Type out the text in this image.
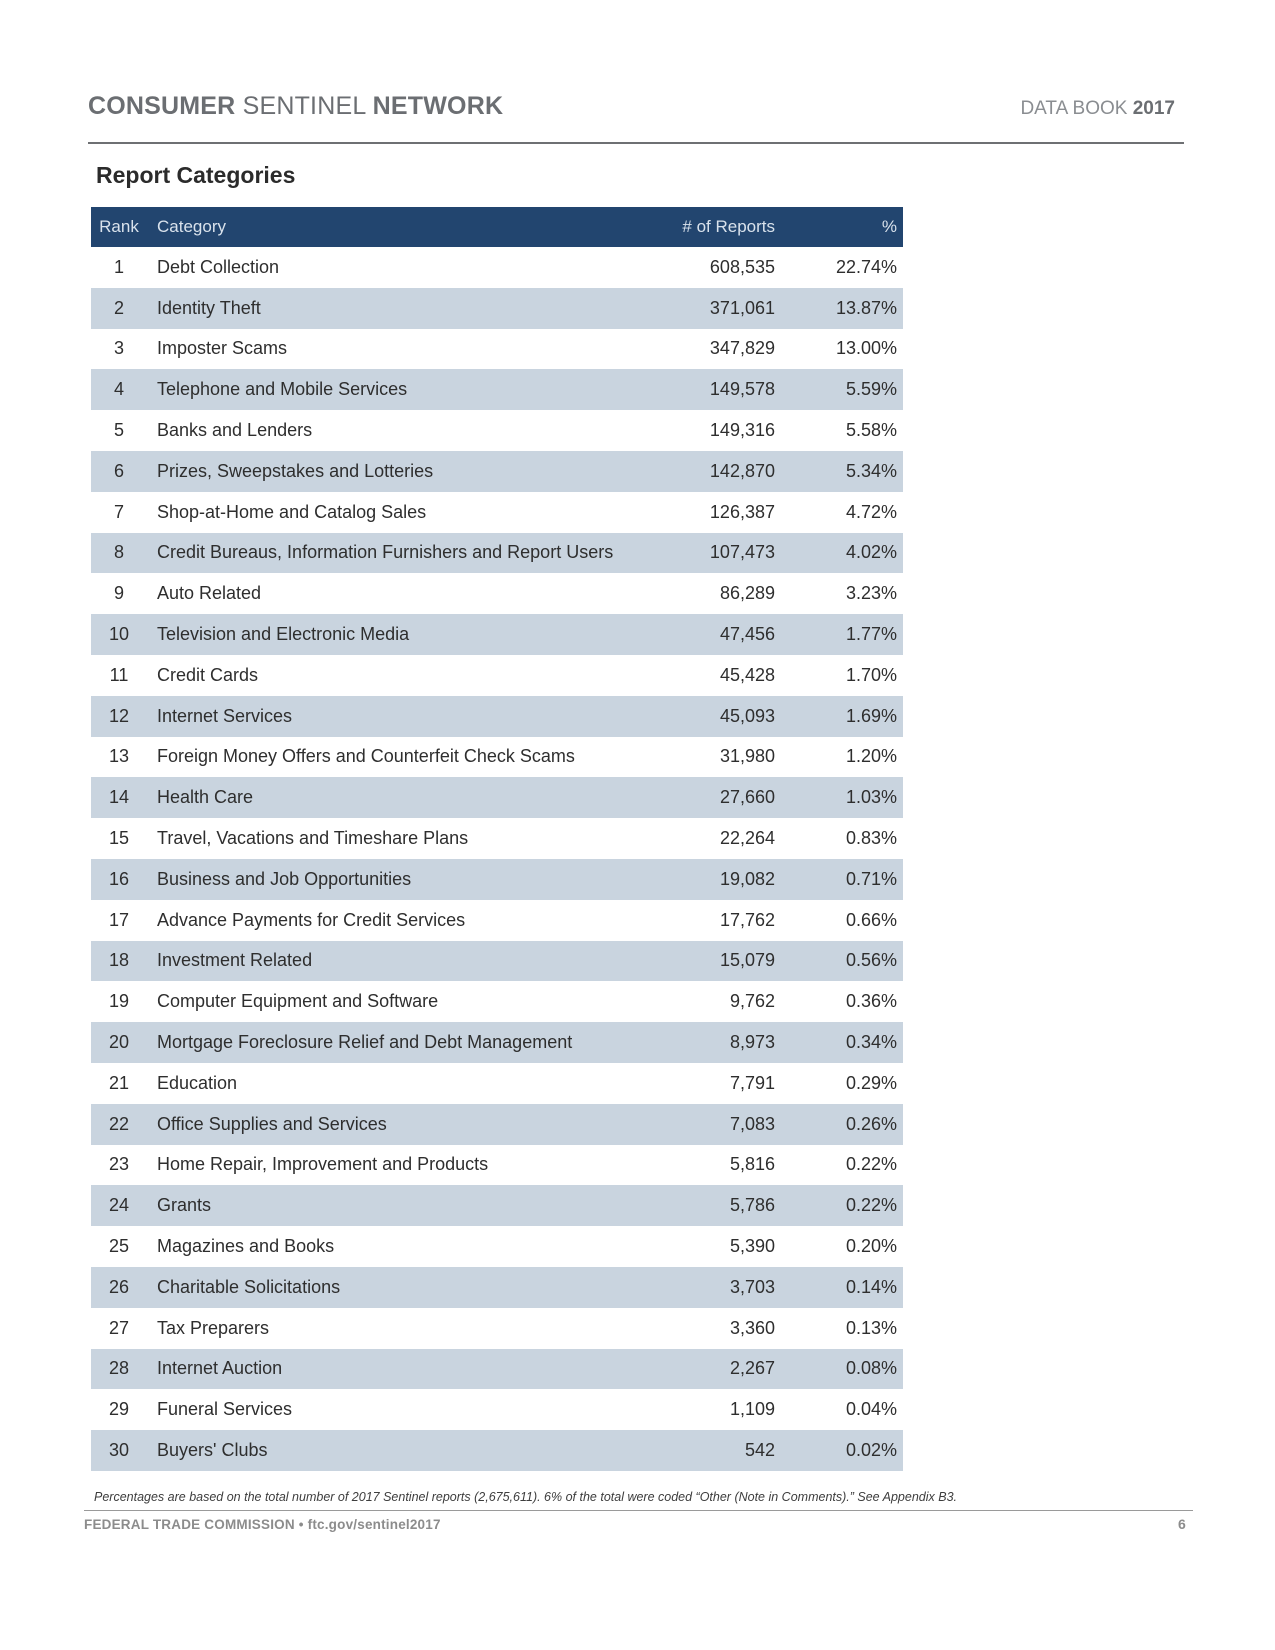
CONSUMER SENTINEL NETWORK	DATA BOOK 2017
Report Categories
Rank	Category	# of Reports	%
1	Debt Collection	608,535	22.74%
2	Identity Theft	371,061	13.87%
3	Imposter Scams	347,829	13.00%
4	Telephone and Mobile Services	149,578	5.59%
5	Banks and Lenders	149,316	5.58%
6	Prizes, Sweepstakes and Lotteries	142,870	5.34%
7	Shop-at-Home and Catalog Sales	126,387	4.72%
8	Credit Bureaus, Information Furnishers and Report Users	107,473	4.02%
9	Auto Related	86,289	3.23%
10	Television and Electronic Media	47,456	1.77%
11	Credit Cards	45,428	1.70%
12	Internet Services	45,093	1.69%
13	Foreign Money Offers and Counterfeit Check Scams	31,980	1.20%
14	Health Care	27,660	1.03%
15	Travel, Vacations and Timeshare Plans	22,264	0.83%
16	Business and Job Opportunities	19,082	0.71%
17	Advance Payments for Credit Services	17,762	0.66%
18	Investment Related	15,079	0.56%
19	Computer Equipment and Software	9,762	0.36%
20	Mortgage Foreclosure Relief and Debt Management	8,973	0.34%
21	Education	7,791	0.29%
22	Office Supplies and Services	7,083	0.26%
23	Home Repair, Improvement and Products	5,816	0.22%
24	Grants	5,786	0.22%
25	Magazines and Books	5,390	0.20%
26	Charitable Solicitations	3,703	0.14%
27	Tax Preparers	3,360	0.13%
28	Internet Auction	2,267	0.08%
29	Funeral Services	1,109	0.04%
30	Buyers' Clubs	542	0.02%
Percentages are based on the total number of 2017 Sentinel reports (2,675,611). 6% of the total were coded “Other (Note in Comments).” See Appendix B3.
FEDERAL TRADE COMMISSION • ftc.gov/sentinel2017	6
